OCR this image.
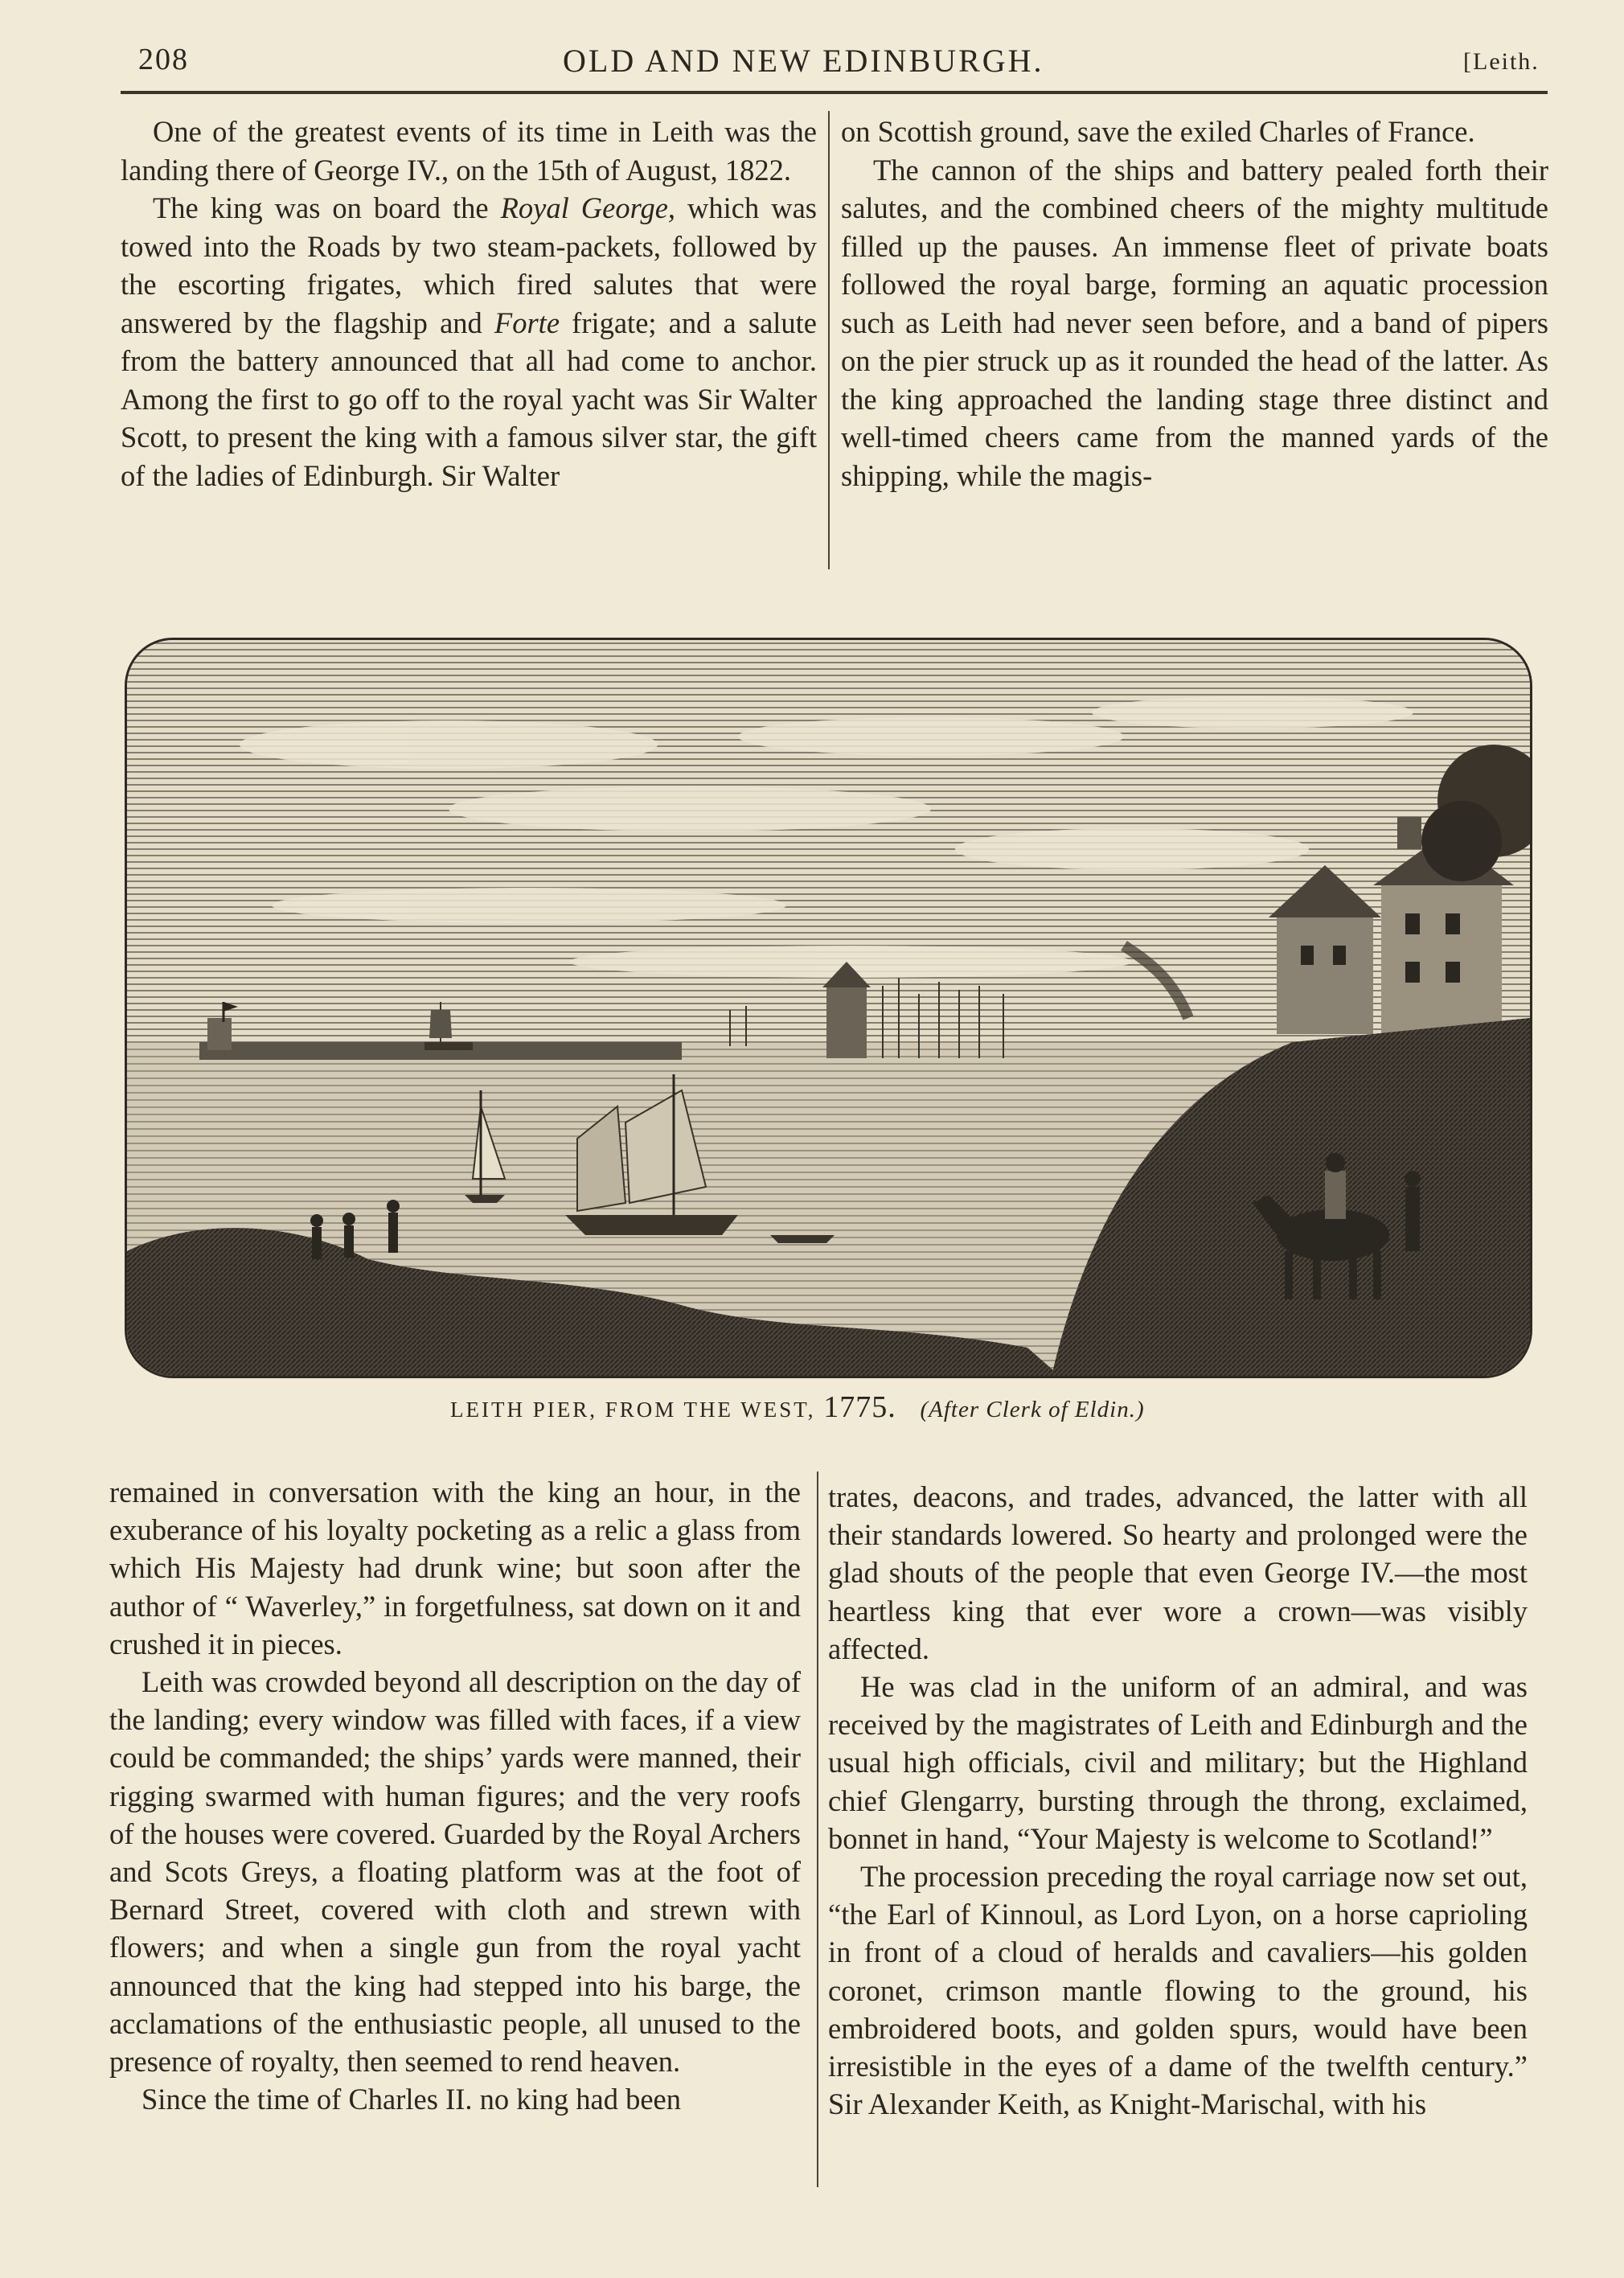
208	OLD AND NEW EDINBURGH.	[Leith.

One of the greatest events of its time in Leith was the landing there of George IV., on the 15th of August, 1822.

The king was on board the Royal George, which was towed into the Roads by two steam-packets, followed by the escorting frigates, which fired salutes that were answered by the flagship and Forte frigate; and a salute from the battery announced that all had come to anchor. Among the first to go off to the royal yacht was Sir Walter Scott, to present the king with a famous silver star, the gift of the ladies of Edinburgh. Sir Walter

on Scottish ground, save the exiled Charles of France.

The cannon of the ships and battery pealed forth their salutes, and the combined cheers of the mighty multitude filled up the pauses. An immense fleet of private boats followed the royal barge, forming an aquatic procession such as Leith had never seen before, and a band of pipers on the pier struck up as it rounded the head of the latter. As the king approached the landing stage three distinct and well-timed cheers came from the manned yards of the shipping, while the magis-

LEITH PIER, FROM THE WEST, 1775. (After Clerk of Eldin.)

remained in conversation with the king an hour, in the exuberance of his loyalty pocketing as a relic a glass from which His Majesty had drunk wine; but soon after the author of “ Waverley,” in forgetfulness, sat down on it and crushed it in pieces.

Leith was crowded beyond all description on the day of the landing; every window was filled with faces, if a view could be commanded; the ships’ yards were manned, their rigging swarmed with human figures; and the very roofs of the houses were covered. Guarded by the Royal Archers and Scots Greys, a floating platform was at the foot of Bernard Street, covered with cloth and strewn with flowers; and when a single gun from the royal yacht announced that the king had stepped into his barge, the acclamations of the enthusiastic people, all unused to the presence of royalty, then seemed to rend heaven.

Since the time of Charles II. no king had been

trates, deacons, and trades, advanced, the latter with all their standards lowered. So hearty and prolonged were the glad shouts of the people that even George IV.—the most heartless king that ever wore a crown—was visibly affected.

He was clad in the uniform of an admiral, and was received by the magistrates of Leith and Edinburgh and the usual high officials, civil and military; but the Highland chief Glengarry, bursting through the throng, exclaimed, bonnet in hand, “Your Majesty is welcome to Scotland!”

The procession preceding the royal carriage now set out, “the Earl of Kinnoul, as Lord Lyon, on a horse caprioling in front of a cloud of heralds and cavaliers—his golden coronet, crimson mantle flowing to the ground, his embroidered boots, and golden spurs, would have been irresistible in the eyes of a dame of the twelfth century.” Sir Alexander Keith, as Knight-Marischal, with his
